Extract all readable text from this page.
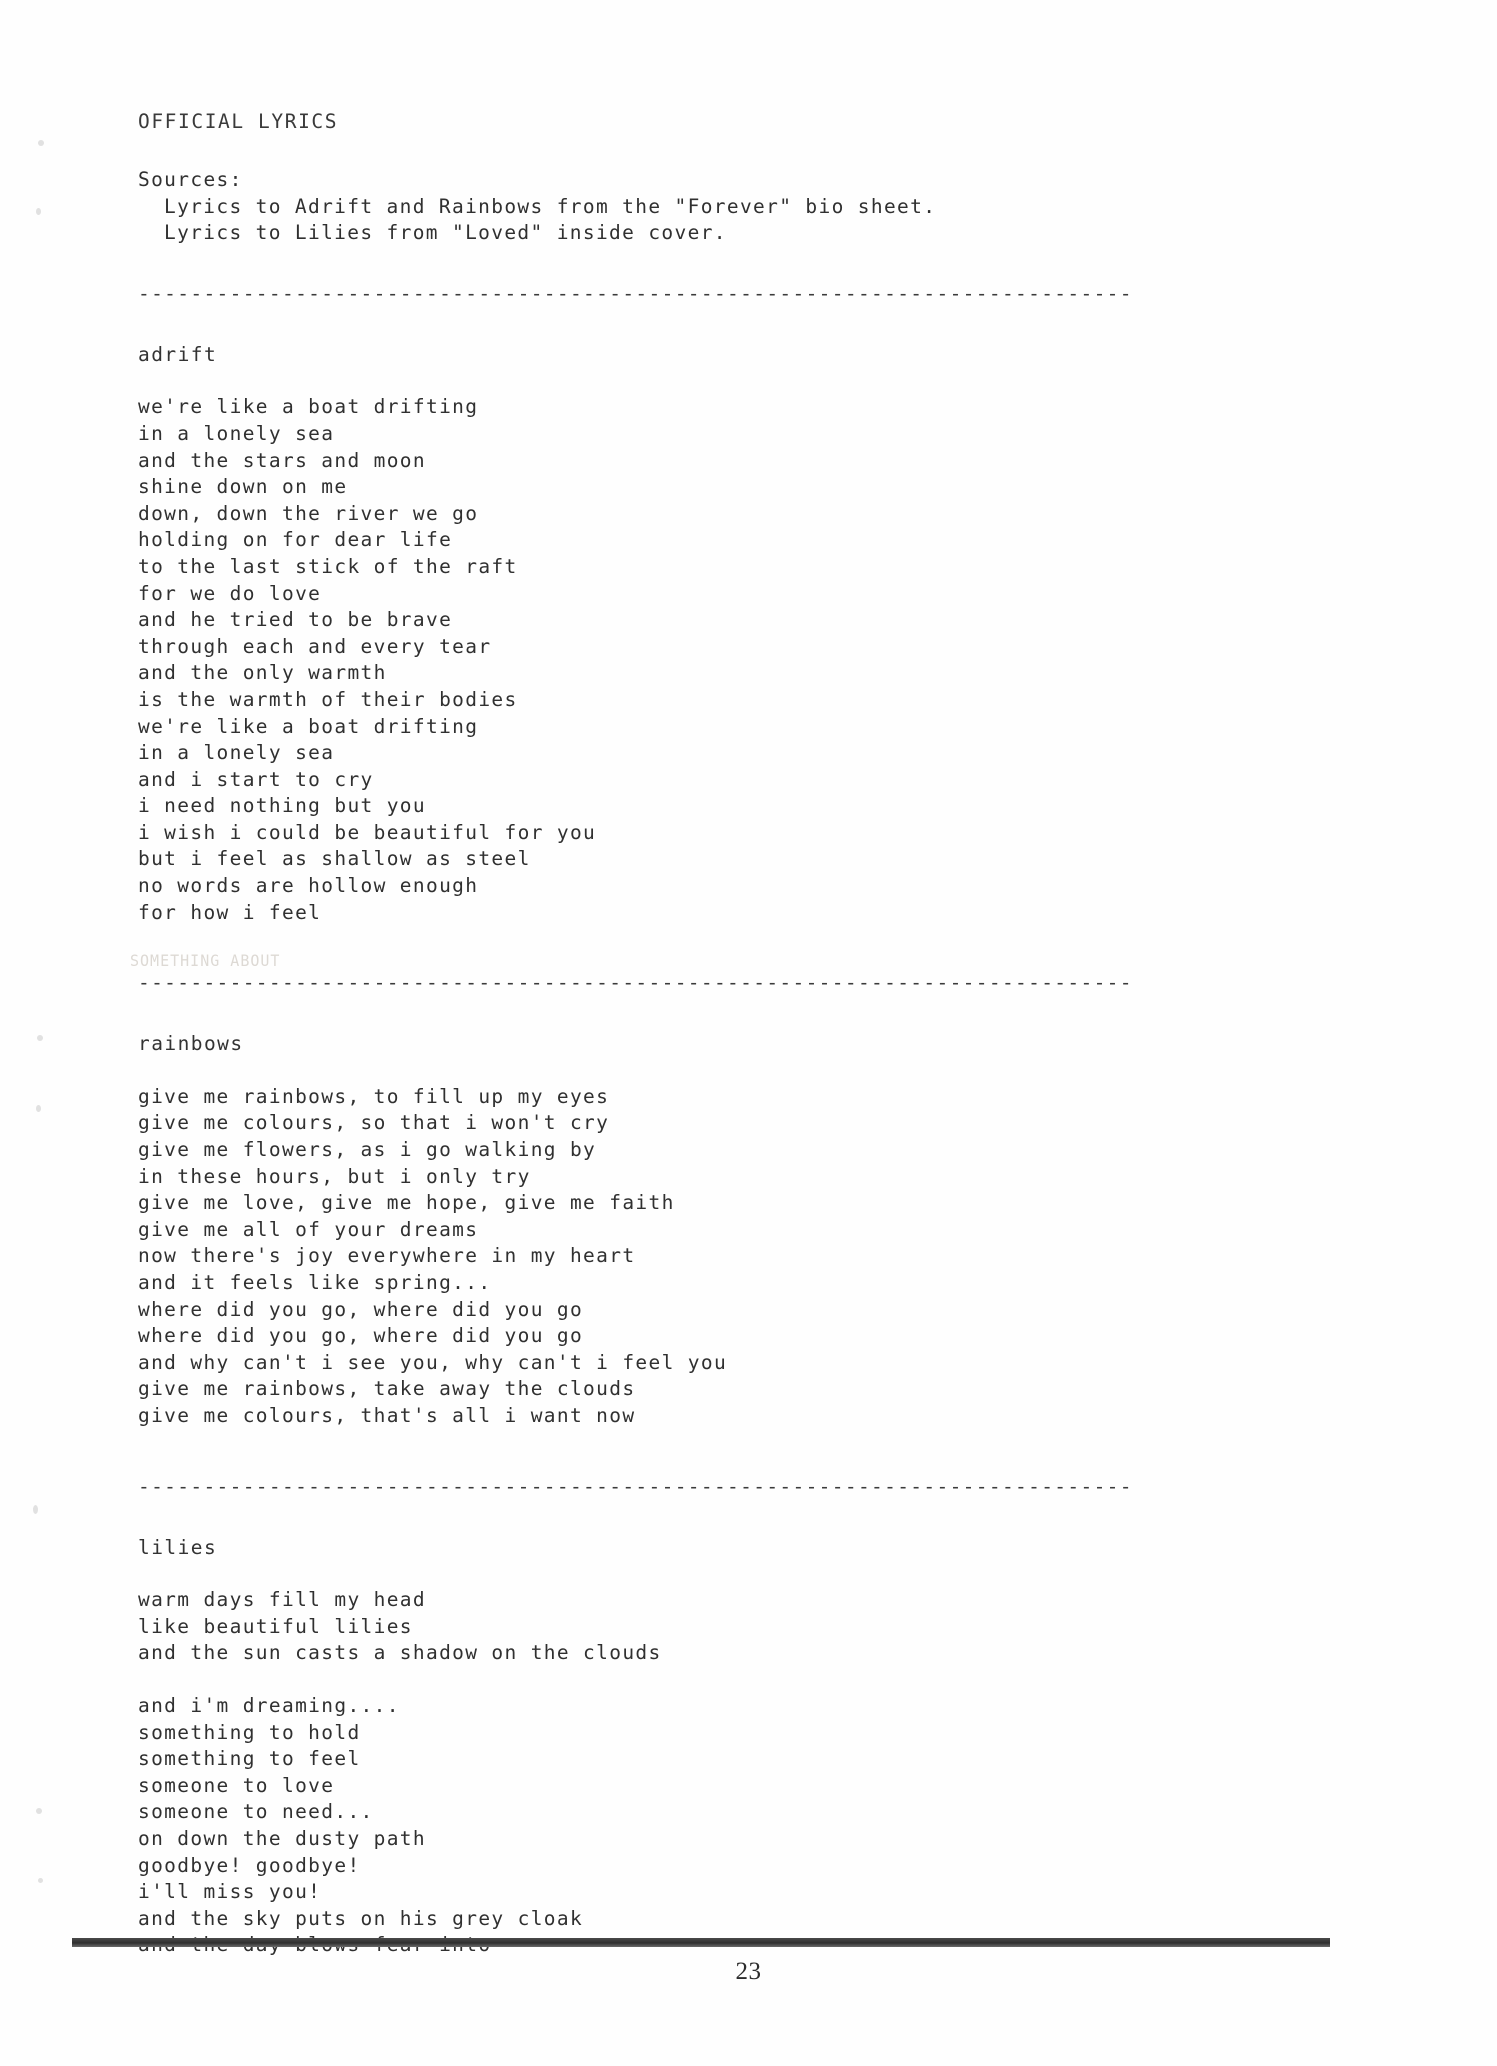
SOMETHING ABOUT
OFFICIAL LYRICS
Sources:
Lyrics to Adrift and Rainbows from the "Forever" bio sheet.
Lyrics to Lilies from "Loved" inside cover.
----------------------------------------------------------------------------
adrift
we're like a boat drifting
in a lonely sea
and the stars and moon
shine down on me
down, down the river we go
holding on for dear life
to the last stick of the raft
for we do love
and he tried to be brave
through each and every tear
and the only warmth
is the warmth of their bodies
we're like a boat drifting
in a lonely sea
and i start to cry
i need nothing but you
i wish i could be beautiful for you
but i feel as shallow as steel
no words are hollow enough
for how i feel
----------------------------------------------------------------------------
rainbows
give me rainbows, to fill up my eyes
give me colours, so that i won't cry
give me flowers, as i go walking by
in these hours, but i only try
give me love, give me hope, give me faith
give me all of your dreams
now there's joy everywhere in my heart
and it feels like spring...
where did you go, where did you go
where did you go, where did you go
and why can't i see you, why can't i feel you
give me rainbows, take away the clouds
give me colours, that's all i want now
----------------------------------------------------------------------------
lilies
warm days fill my head
like beautiful lilies
and the sun casts a shadow on the clouds
and i'm dreaming....
something to hold
something to feel
someone to love
someone to need...
on down the dusty path
goodbye! goodbye!
i'll miss you!
and the sky puts on his grey cloak
23
